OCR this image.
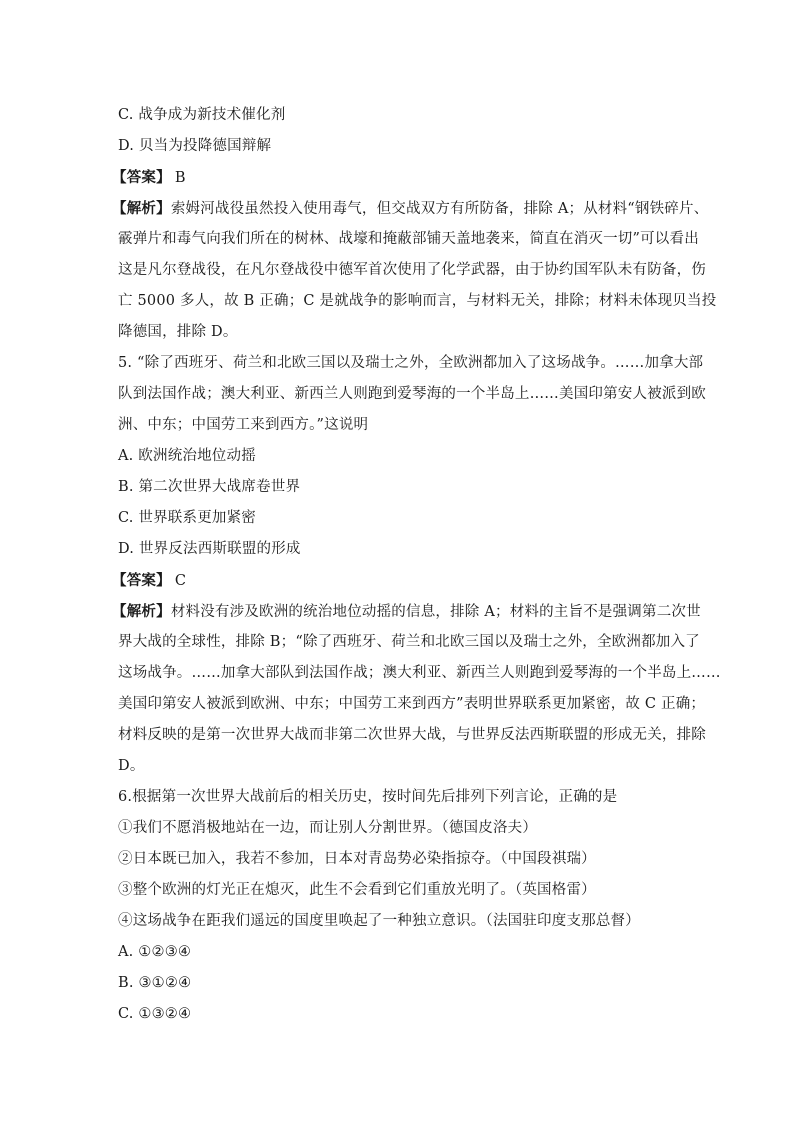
C. 战争成为新技术催化剂
D. 贝当为投降德国辩解
【答案】 B
【解析】索姆河战役虽然投入使用毒气，但交战双方有所防备，排除 A；从材料“钢铁碎片、
霰弹片和毒气向我们所在的树林、战壕和掩蔽部铺天盖地袭来，简直在消灭一切”可以看出
这是凡尔登战役，在凡尔登战役中德军首次使用了化学武器，由于协约国军队未有防备，伤
亡 5000 多人，故 B 正确；C 是就战争的影响而言，与材料无关，排除；材料未体现贝当投
降德国，排除 D。
5. “除了西班牙、荷兰和北欧三国以及瑞士之外，全欧洲都加入了这场战争。……加拿大部
队到法国作战；澳大利亚、新西兰人则跑到爱琴海的一个半岛上……美国印第安人被派到欧
洲、中东；中国劳工来到西方。”这说明
A. 欧洲统治地位动摇
B. 第二次世界大战席卷世界
C. 世界联系更加紧密
D. 世界反法西斯联盟的形成
【答案】 C
【解析】材料没有涉及欧洲的统治地位动摇的信息，排除 A；材料的主旨不是强调第二次世
界大战的全球性，排除 B；“除了西班牙、荷兰和北欧三国以及瑞士之外，全欧洲都加入了
这场战争。……加拿大部队到法国作战；澳大利亚、新西兰人则跑到爱琴海的一个半岛上……
美国印第安人被派到欧洲、中东；中国劳工来到西方”表明世界联系更加紧密，故 C 正确；
材料反映的是第一次世界大战而非第二次世界大战，与世界反法西斯联盟的形成无关，排除
D。
6.根据第一次世界大战前后的相关历史，按时间先后排列下列言论，正确的是
①我们不愿消极地站在一边，而让别人分割世界。（德国皮洛夫）
②日本既已加入，我若不参加，日本对青岛势必染指掠夺。（中国段祺瑞）
③整个欧洲的灯光正在熄灭，此生不会看到它们重放光明了。（英国格雷）
④这场战争在距我们遥远的国度里唤起了一种独立意识。（法国驻印度支那总督）
A. ①②③④
B. ③①②④
C. ①③②④
